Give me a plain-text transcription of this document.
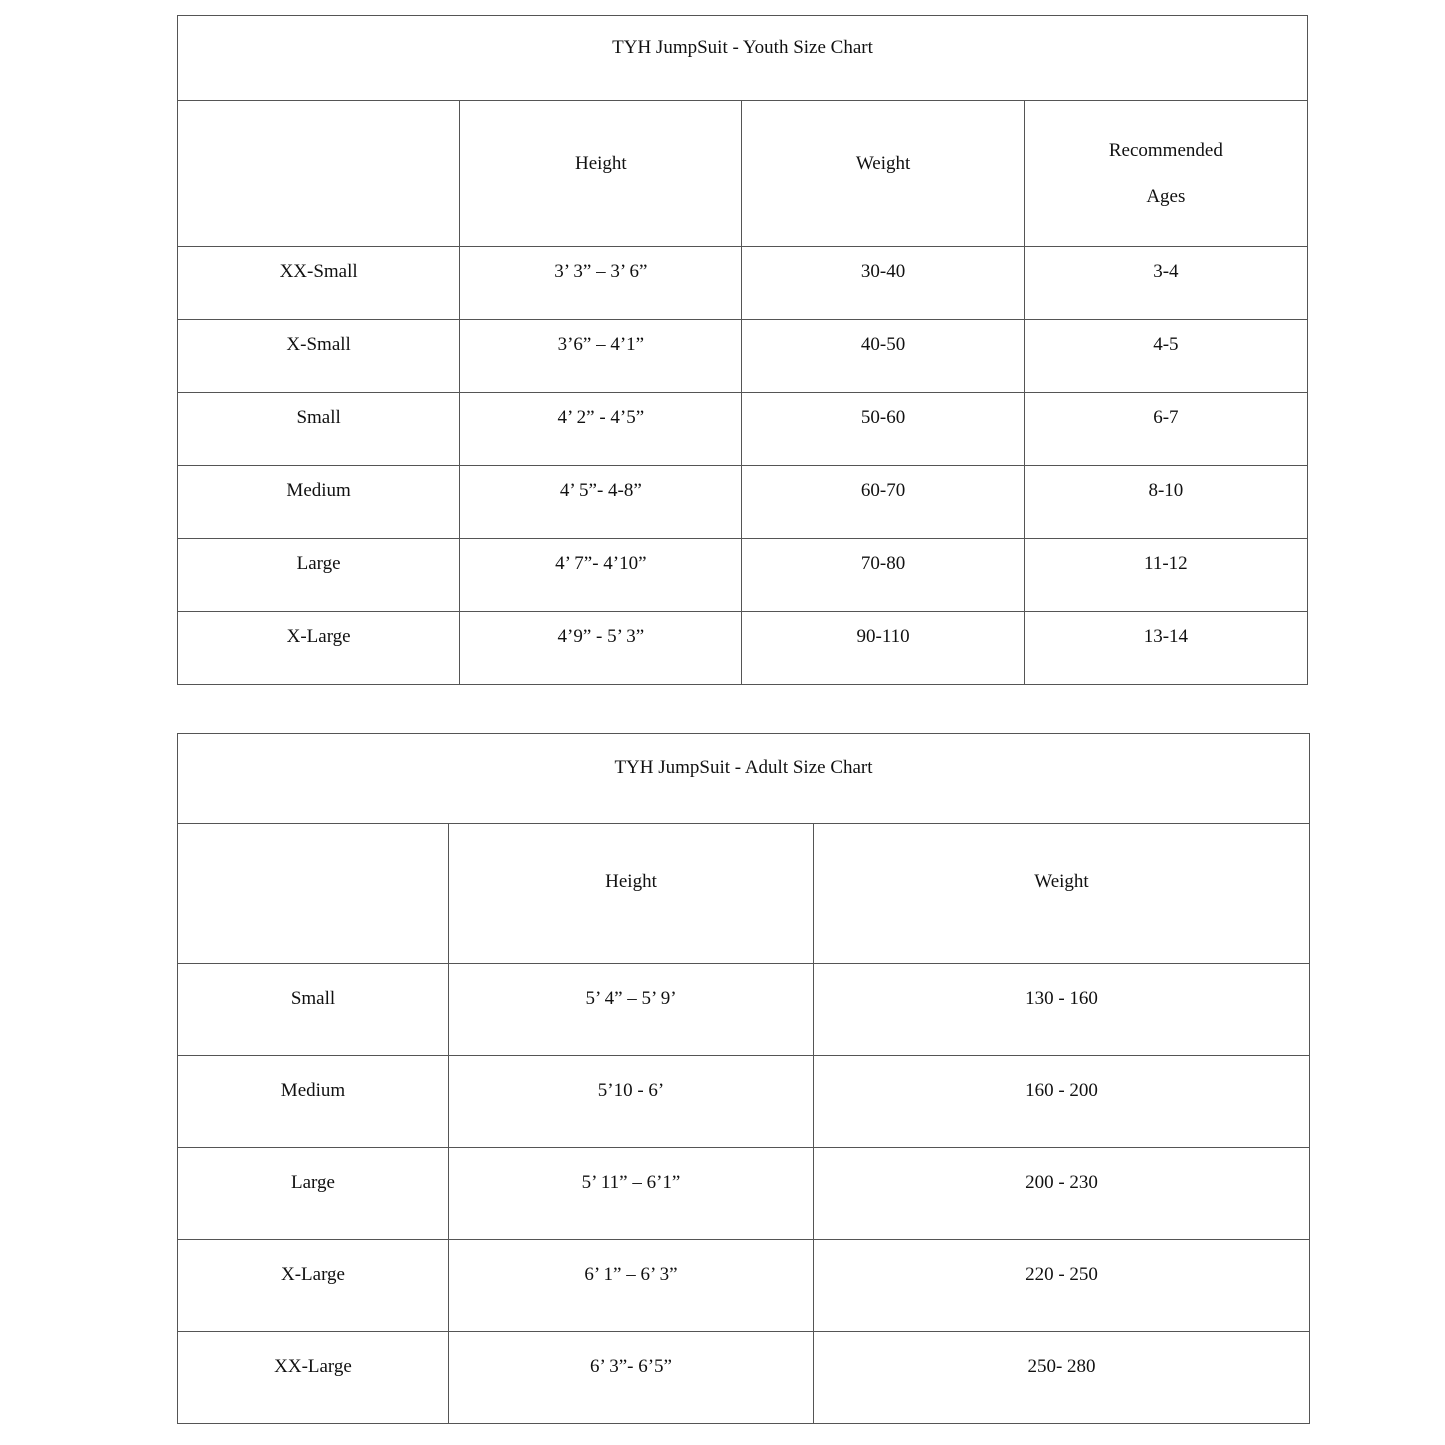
TYH JumpSuit - Youth Size Chart			

	Height	Weight	Recommended
Ages

XX-Small	3’ 3” – 3’ 6”	30-40	3-4

X-Small	3’6” – 4’1”	40-50	4-5

Small	4’ 2” - 4’5”	50-60	6-7

Medium	4’ 5”- 4-8”	60-70	8-10

Large	4’ 7”- 4’10”	70-80	11-12

X-Large	4’9” - 5’ 3”	90-110	13-14
TYH JumpSuit - Adult Size Chart		

	Height	Weight

Small	5’ 4” – 5’ 9’	130 - 160

Medium	5’10 - 6’	160 - 200

Large	5’ 11” – 6’1”	200 - 230

X-Large	6’ 1” – 6’ 3”	220 - 250

XX-Large	6’ 3”- 6’5”	250- 280
